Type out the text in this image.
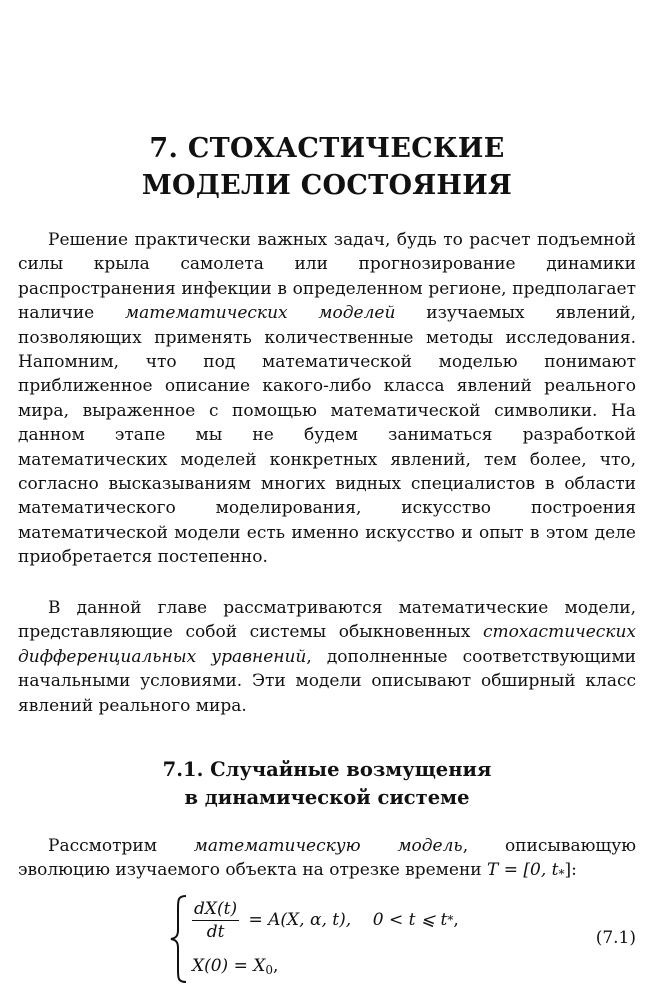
7. СТОХАСТИЧЕСКИЕ
МОДЕЛИ СОСТОЯНИЯ

Решение практически важных задач, будь то расчет подъемной силы крыла самолета или прогнозирование динамики распространения инфекции в определенном регионе, предполагает наличие математических моделей изучаемых явлений, позволяющих применять количественные методы исследования. Напомним, что под математической моделью понимают приближенное описание какого-либо класса явлений реального мира, выраженное с помощью математической символики. На данном этапе мы не будем заниматься разработкой математических моделей конкретных явлений, тем более, что, согласно высказываниям многих видных специалистов в области математического моделирования, искусство построения математической модели есть именно искусство и опыт в этом деле приобретается постепенно.

В данной главе рассматриваются математические модели, представляющие собой системы обыкновенных стохастических дифференциальных уравнений, дополненные соответствующими начальными условиями. Эти модели описывают обширный класс явлений реального мира.

7.1. Случайные возмущения
в динамической системе

Рассмотрим математическую модель, описывающую эволюцию изучаемого объекта на отрезке времени T = [0, $t_*$]:

$\frac{dX(t)}{dt} = A(X$, α, t),    0 < t ⩽ t * ,
$X(0) = X_0$,
(7.1)
